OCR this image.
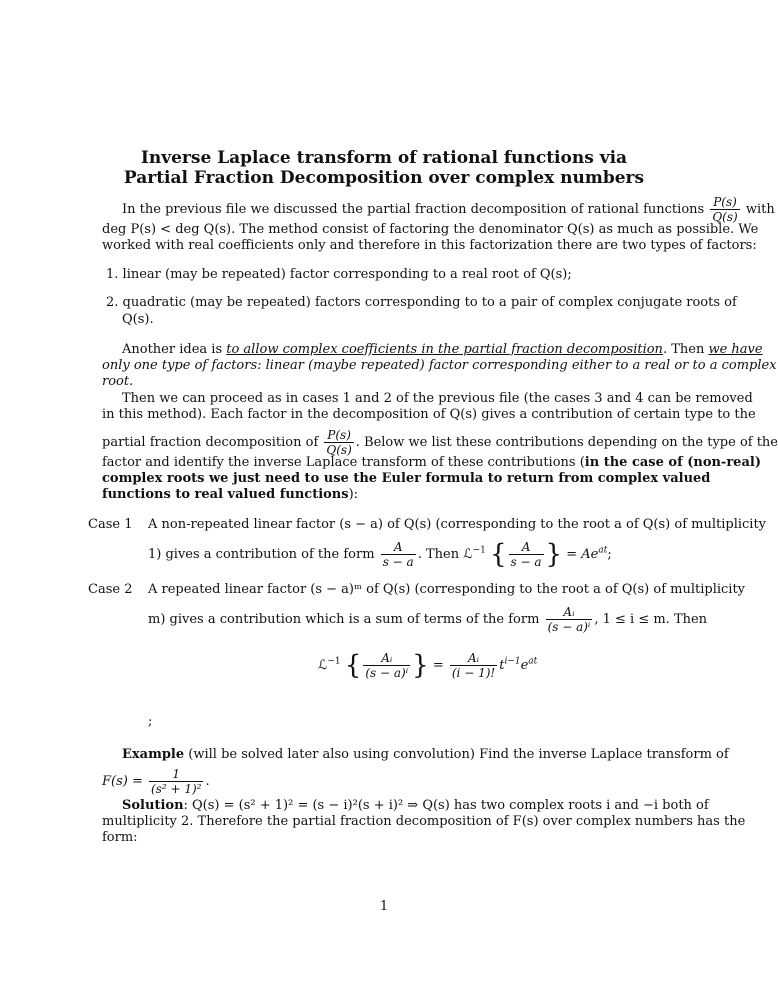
Inverse Laplace transform of rational functions via
Partial Fraction Decomposition over complex numbers
In the previous file we discussed the partial fraction decomposition of rational functions $\frac{P(s)}{Q(s)}$ with
deg P(s) < deg Q(s). The method consist of factoring the denominator Q(s) as much as possible. We
worked with real coefficients only and therefore in this factorization there are two types of factors:
1. linear (may be repeated) factor corresponding to a real root of Q(s);
2. quadratic (may be repeated) factors corresponding to to a pair of complex conjugate roots of
Q(s).
Another idea is to allow complex coefficients in the partial fraction decomposition. Then we have
only one type of factors: linear (maybe repeated) factor corresponding either to a real or to a complex
root.
Then we can proceed as in cases 1 and 2 of the previous file (the cases 3 and 4 can be removed
in this method). Each factor in the decomposition of Q(s) gives a contribution of certain type to the
partial fraction decomposition of $\frac{P(s)}{Q(s)}$ . Below we list these contributions depending on the type of the
factor and identify the inverse Laplace transform of these contributions (in the case of (non-real)
complex roots we just need to use the Euler formula to return from complex valued
functions to real valued functions):
Case 1 A non-repeated linear factor (s − a) of Q(s) (corresponding to the root a of Q(s) of multiplicity
1) gives a contribution of the form $\frac{A}{s - a}$ . Then ℒ$^{-1}$ { $\frac{A}{s - a}$ } = $Ae^{at}$;
Case 2 A repeated linear factor (s − a)ᵐ of Q(s) (corresponding to the root a of Q(s) of multiplicity
m) gives a contribution which is a sum of terms of the form $\frac{\text{Aᵢ}}{\text{(s − a)ⁱ}}$ , 1 ≤ i ≤ m. Then
ℒ$^{-1}$ { $\frac{\text{Aᵢ}}{\text{(s − a)ⁱ}}$ } = $\frac{\text{Aᵢ}}{(i - 1)!} t^{i-1}e^{at}$
;
Example (will be solved later also using convolution) Find the inverse Laplace transform of
$F(s) = \frac{1}{\text{(s² + 1)²}}$ .
Solution: Q(s) = (s² + 1)² = (s − i)²(s + i)² ⇒ Q(s) has two complex roots i and −i both of
multiplicity 2. Therefore the partial fraction decomposition of F(s) over complex numbers has the
form:
1
